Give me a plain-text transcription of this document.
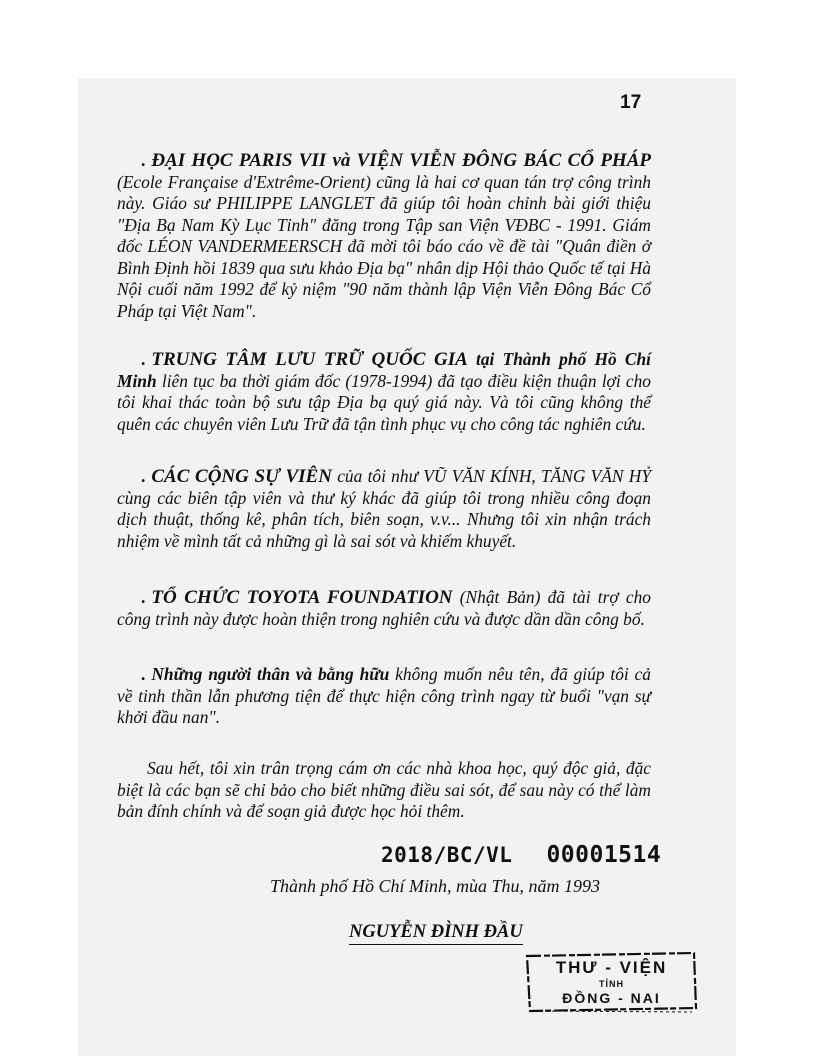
17

. ĐẠI HỌC PARIS VII và VIỆN VIỄN ĐÔNG BÁC CỔ PHÁP (Ecole Française d'Extrême-Orient) cũng là hai cơ quan tán trợ công trình này. Giáo sư PHILIPPE LANGLET đã giúp tôi hoàn chỉnh bài giới thiệu "Địa Bạ Nam Kỳ Lục Tỉnh" đăng trong Tập san Viện VĐBC - 1991. Giám đốc LÉON VANDERMEERSCH đã mời tôi báo cáo về đề tài "Quân điền ở Bình Định hồi 1839 qua sưu khảo Địa bạ" nhân dịp Hội thảo Quốc tế tại Hà Nội cuối năm 1992 để kỷ niệm "90 năm thành lập Viện Viễn Đông Bác Cổ Pháp tại Việt Nam".

. TRUNG TÂM LƯU TRỮ QUỐC GIA tại Thành phố Hồ Chí Minh liên tục ba thời giám đốc (1978-1994) đã tạo điều kiện thuận lợi cho tôi khai thác toàn bộ sưu tập Địa bạ quý giá này. Và tôi cũng không thể quên các chuyên viên Lưu Trữ đã tận tình phục vụ cho công tác nghiên cứu.

. CÁC CỘNG SỰ VIÊN của tôi như VŨ VĂN KÍNH, TĂNG VĂN HỶ cùng các biên tập viên và thư ký khác đã giúp tôi trong nhiều công đoạn dịch thuật, thống kê, phân tích, biên soạn, v.v... Nhưng tôi xin nhận trách nhiệm về mình tất cả những gì là sai sót và khiếm khuyết.

. TỔ CHỨC TOYOTA FOUNDATION (Nhật Bản) đã tài trợ cho công trình này được hoàn thiện trong nghiên cứu và được dần dần công bố.

. Những người thân và bằng hữu không muốn nêu tên, đã giúp tôi cả về tinh thần lẫn phương tiện để thực hiện công trình ngay từ buổi "vạn sự khởi đầu nan".

Sau hết, tôi xin trân trọng cám ơn các nhà khoa học, quý độc giả, đặc biệt là các bạn sẽ chỉ bảo cho biết những điều sai sót, để sau này có thể làm bản đính chính và để soạn giả được học hỏi thêm.

2018/BC/VL 00001514
Thành phố Hồ Chí Minh, mùa Thu, năm 1993
NGUYỄN ĐÌNH ĐẦU
THƯ - VIỆN
TỈNH
ĐỒNG - NAI
